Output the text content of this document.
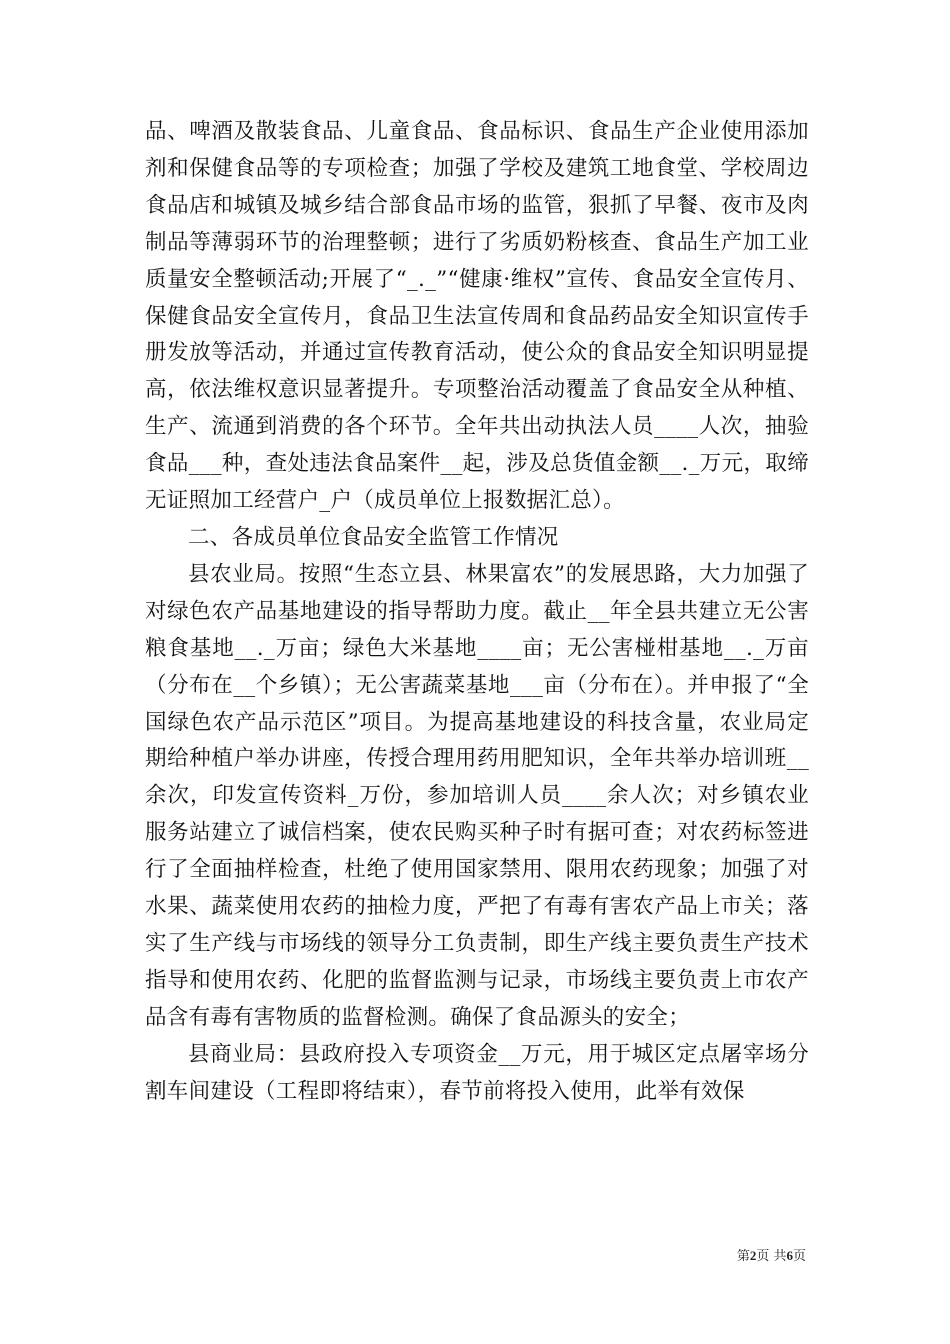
品、啤酒及散装食品、儿童食品、食品标识、食品生产企业使用添加剂和保健食品等的专项检查；加强了学校及建筑工地食堂、学校周边食品店和城镇及城乡结合部食品市场的监管，狠抓了早餐、夜市及肉制品等薄弱环节的治理整顿；进行了劣质奶粉核查、食品生产加工业质量安全整顿活动;开展了“_._”“健康·维权”宣传、食品安全宣传月、保健食品安全宣传月，食品卫生法宣传周和食品药品安全知识宣传手册发放等活动，并通过宣传教育活动，使公众的食品安全知识明显提高，依法维权意识显著提升。专项整治活动覆盖了食品安全从种植、生产、流通到消费的各个环节。全年共出动执法人员____人次，抽验食品___种，查处违法食品案件__起，涉及总货值金额__._万元，取缔无证照加工经营户_户（成员单位上报数据汇总）。

二、各成员单位食品安全监管工作情况

县农业局。按照“生态立县、林果富农”的发展思路，大力加强了对绿色农产品基地建设的指导帮助力度。截止__年全县共建立无公害粮食基地__._万亩；绿色大米基地____亩；无公害椪柑基地__._万亩（分布在__个乡镇）；无公害蔬菜基地___亩（分布在）。并申报了“全国绿色农产品示范区”项目。为提高基地建设的科技含量，农业局定期给种植户举办讲座，传授合理用药用肥知识，全年共举办培训班__余次，印发宣传资料_万份，参加培训人员____余人次；对乡镇农业服务站建立了诚信档案，使农民购买种子时有据可查；对农药标签进行了全面抽样检查，杜绝了使用国家禁用、限用农药现象；加强了对水果、蔬菜使用农药的抽检力度，严把了有毒有害农产品上市关；落实了生产线与市场线的领导分工负责制，即生产线主要负责生产技术指导和使用农药、化肥的监督监测与记录，市场线主要负责上市农产品含有毒有害物质的监督检测。确保了食品源头的安全；

县商业局：县政府投入专项资金__万元，用于城区定点屠宰场分割车间建设（工程即将结束），春节前将投入使用，此举有效保

第2页 共6页
